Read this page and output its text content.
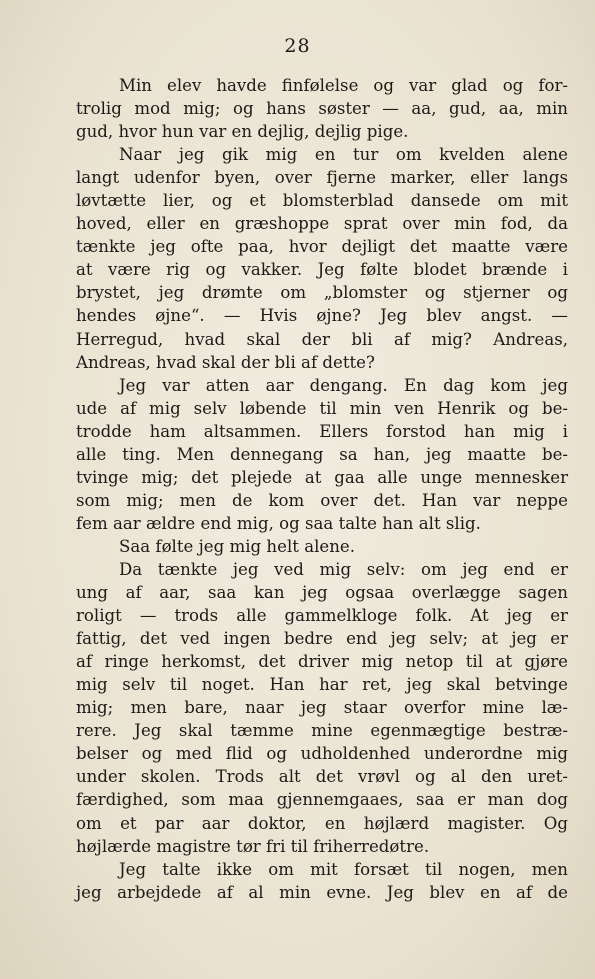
28
Min elev havde finfølelse og var glad og for-
trolig mod mig; og hans søster — aa, gud, aa, min
gud, hvor hun var en dejlig, dejlig pige.
Naar jeg gik mig en tur om kvelden alene
langt udenfor byen, over fjerne marker, eller langs
løvtætte lier, og et blomsterblad dansede om mit
hoved, eller en græshoppe sprat over min fod, da
tænkte jeg ofte paa, hvor dejligt det maatte være
at være rig og vakker. Jeg følte blodet brænde i
brystet, jeg drømte om „blomster og stjerner og
hendes øjne“. — Hvis øjne? Jeg blev angst. —
Herregud, hvad skal der bli af mig? Andreas,
Andreas, hvad skal der bli af dette?
Jeg var atten aar dengang. En dag kom jeg
ude af mig selv løbende til min ven Henrik og be-
trodde ham altsammen. Ellers forstod han mig i
alle ting. Men dennegang sa han, jeg maatte be-
tvinge mig; det plejede at gaa alle unge mennesker
som mig; men de kom over det. Han var neppe
fem aar ældre end mig, og saa talte han alt slig.
Saa følte jeg mig helt alene.
Da tænkte jeg ved mig selv: om jeg end er
ung af aar, saa kan jeg ogsaa overlægge sagen
roligt — trods alle gammelkloge folk. At jeg er
fattig, det ved ingen bedre end jeg selv; at jeg er
af ringe herkomst, det driver mig netop til at gjøre
mig selv til noget. Han har ret, jeg skal betvinge
mig; men bare, naar jeg staar overfor mine læ-
rere. Jeg skal tæmme mine egenmægtige bestræ-
belser og med flid og udholdenhed underordne mig
under skolen. Trods alt det vrøvl og al den uret-
færdighed, som maa gjennemgaaes, saa er man dog
om et par aar doktor, en højlærd magister. Og
højlærde magistre tør fri til friherredøtre.
Jeg talte ikke om mit forsæt til nogen, men
jeg arbejdede af al min evne. Jeg blev en af de
